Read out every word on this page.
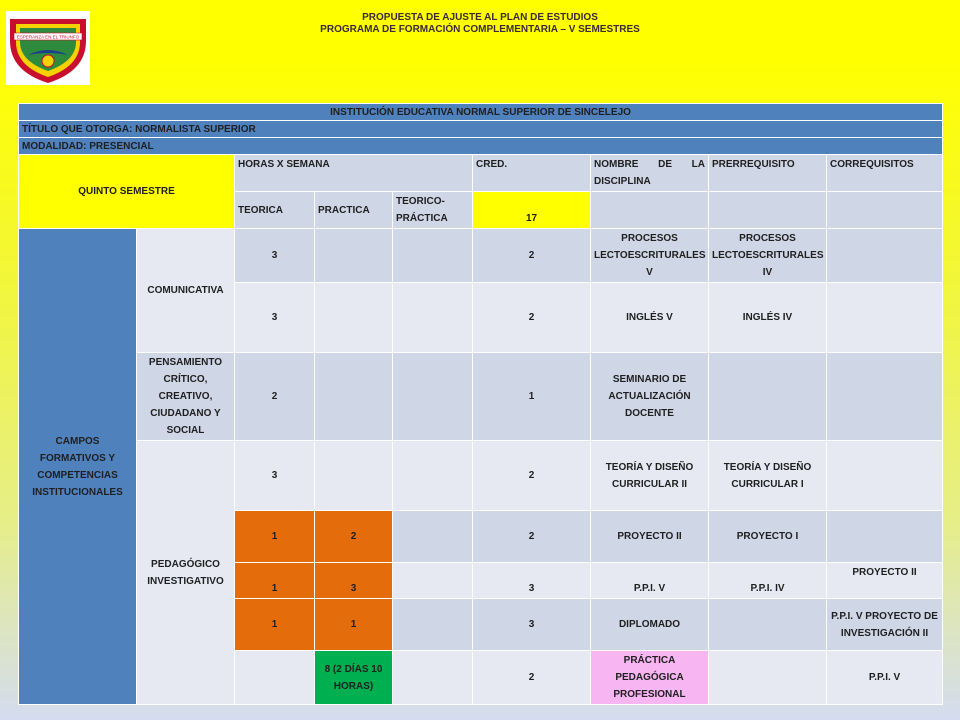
ESPERANZA EN EL TRIUNFO
PROPUESTA DE AJUSTE AL PLAN DE ESTUDIOS
PROGRAMA DE FORMACIÓN COMPLEMENTARIA – V SEMESTRES
INSTITUCIÓN EDUCATIVA NORMAL SUPERIOR DE SINCELEJO								
TÍTULO QUE OTORGA: NORMALISTA SUPERIOR								
MODALIDAD: PRESENCIAL								
QUINTO SEMESTRE		HORAS X SEMANA			CRED.	NOMBRE DE LA DISCIPLINA	PRERREQUISITO	CORREQUISITOS
		TEORICA	PRACTICA	TEORICO-PRÁCTICA	17			
CAMPOS FORMATIVOS Y COMPETENCIAS INSTITUCIONALES	COMUNICATIVA	3			2	PROCESOS LECTOESCRITURALES V	PROCESOS LECTOESCRITURALES IV	
		3			2	INGLÉS V	INGLÉS IV	
	PENSAMIENTO CRÍTICO, CREATIVO, CIUDADANO Y SOCIAL	2			1	SEMINARIO DE ACTUALIZACIÓN DOCENTE		
	PEDAGÓGICO INVESTIGATIVO	3			2	TEORÍA Y DISEÑO CURRICULAR II	TEORÍA Y DISEÑO CURRICULAR I	
		1	2		2	PROYECTO II	PROYECTO I	
		1	3		3	P.P.I. V	P.P.I. IV	PROYECTO II
		1	1		3	DIPLOMADO		P.P.I. V PROYECTO DE INVESTIGACIÓN II
			8 (2 DÍAS 10 HORAS)		2	PRÁCTICA PEDAGÓGICA PROFESIONAL		P.P.I. V
